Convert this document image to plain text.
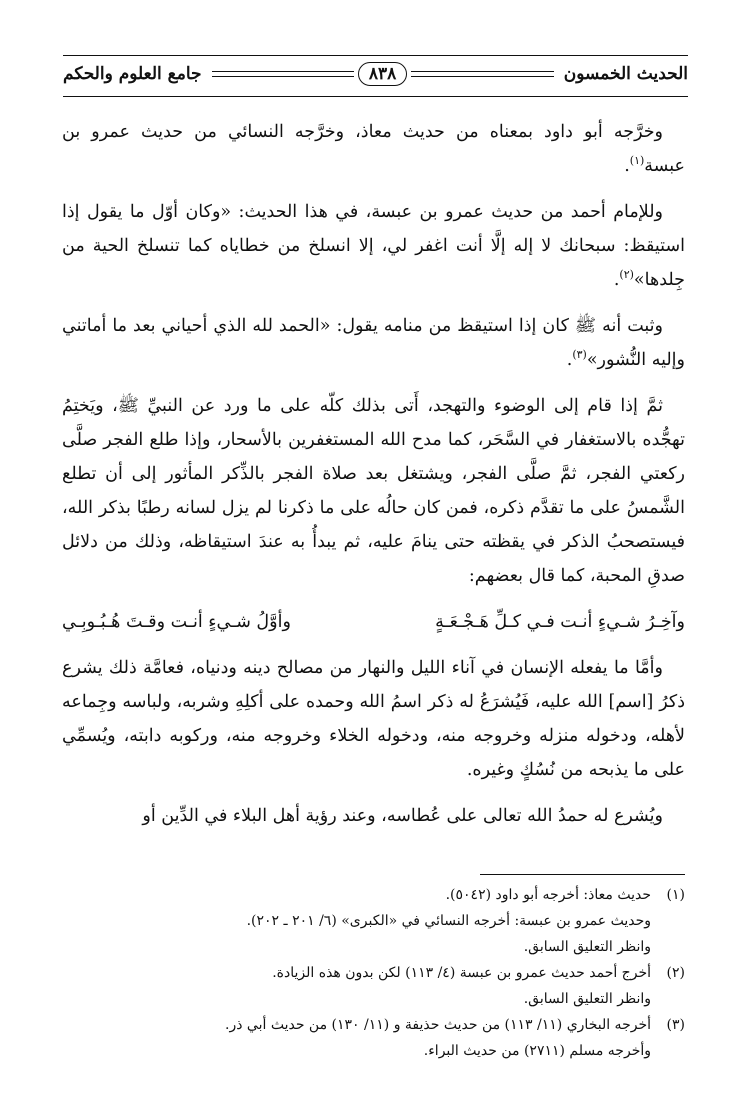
الحديث الخمسون
٨٣٨
جامع العلوم والحكم

وخرَّجه أبو داود بمعناه من حديث معاذ، وخرَّجه النسائي من حديث عمرو بن عبسة$^{(١)}$.

وللإمام أحمد من حديث عمرو بن عبسة، في هذا الحديث: «وكان أوّل ما يقول إذا استيقظ: سبحانك لا إله إلَّا أنت اغفر لي، إلا انسلخ من خطاياه كما تنسلخ الحية من جِلدها»$^{(٢)}$.

وثبت أنه ﷺ كان إذا استيقظ من منامه يقول: «الحمد لله الذي أحياني بعد ما أماتني وإليه النُّشور»$^{(٣)}$.

ثمَّ إذا قام إلى الوضوء والتهجد، أَتى بذلك كلّه على ما ورد عن النبيِّ ﷺ، ويَختِمُ تهجُّده بالاستغفار في السَّحَر، كما مدح الله المستغفرين بالأسحار، وإذا طلع الفجر صلَّى ركعتي الفجر، ثمَّ صلَّى الفجر، ويشتغل بعد صلاة الفجر بالذِّكر المأثور إلى أن تطلع الشَّمسُ على ما تقدَّم ذكره، فمن كان حالُه على ما ذكرنا لم يزل لسانه رطبًا بذكر الله، فيستصحبُ الذكر في يقظته حتى ينامَ عليه، ثم يبدأُ به عندَ استيقاظه، وذلك من دلائل صدقِ المحبة، كما قال بعضهم:

وآخِـرُ شـيءٍ أنـت فـي كـلِّ هَـجْـعَـةٍ
وأوَّلُ شـيءٍ أنـت وقـتَ هُـبُـوبِـي

وأمَّا ما يفعله الإنسان في آناء الليل والنهار من مصالح دينه ودنياه، فعامَّة ذلك يشرع ذكرُ [اسم] الله عليه، فَيُشرَعُ له ذكر اسمُ الله وحمده على أكلِهِ وشربه، ولباسه وجِماعه لأهله، ودخوله منزله وخروجه منه، ودخوله الخلاء وخروجه منه، وركوبه دابته، ويُسمِّي على ما يذبحه من نُسُكٍ وغيره.

ويُشرع له حمدُ الله تعالى على عُطاسه، وعند رؤية أهل البلاء في الدِّين أو

(١)
حديث معاذ: أخرجه أبو داود (٥٠٤٢).
وحديث عمرو بن عبسة: أخرجه النسائي في «الكبرى» (٦/ ٢٠١ ـ ٢٠٢).
وانظر التعليق السابق.
(٢)
أخرج أحمد حديث عمرو بن عبسة (٤/ ١١٣) لكن بدون هذه الزيادة.
وانظر التعليق السابق.
(٣)
أخرجه البخاري (١١/ ١١٣) من حديث حذيفة و (١١/ ١٣٠) من حديث أبي ذر.
وأخرجه مسلم (٢٧١١) من حديث البراء.
